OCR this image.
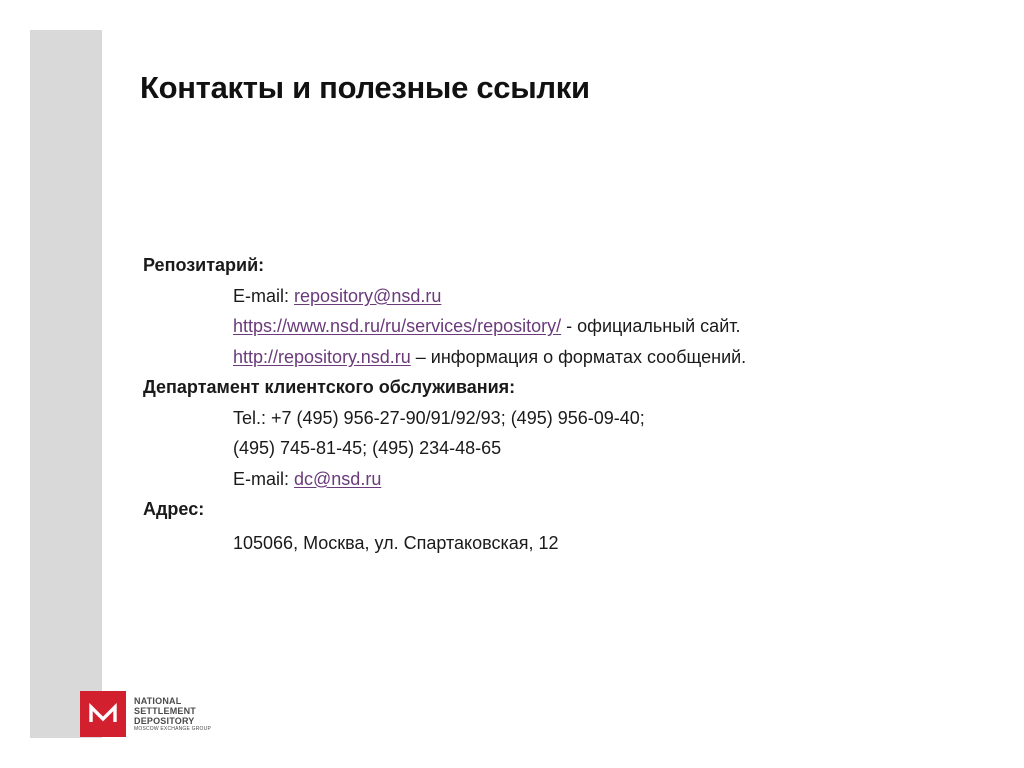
Контакты и полезные ссылки
Репозитарий:
E-mail: repository@nsd.ru
https://www.nsd.ru/ru/services/repository/ - официальный сайт.
http://repository.nsd.ru – информация о форматах сообщений.
Департамент клиентского обслуживания:
Tel.: +7 (495) 956-27-90/91/92/93; (495) 956-09-40;
(495) 745-81-45; (495) 234-48-65
E-mail: dc@nsd.ru
Адрес:
105066, Москва, ул. Спартаковская, 12
NATIONAL
SETTLEMENT
DEPOSITORY
MOSCOW EXCHANGE GROUP
